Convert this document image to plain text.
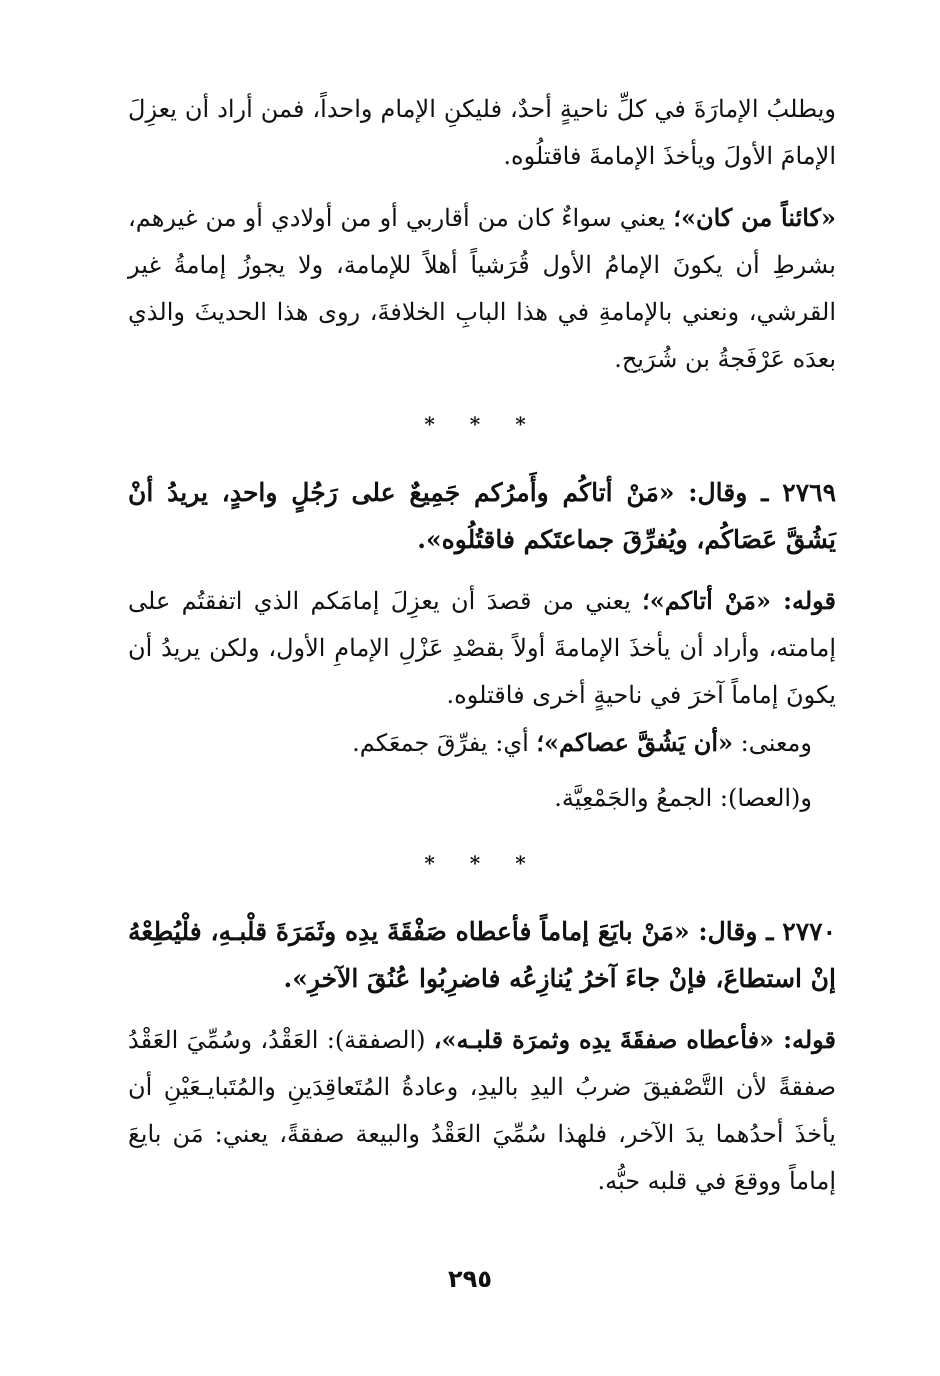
ويطلبُ الإمارَةَ في كلِّ ناحيةٍ أحدٌ، فليكنِ الإمام واحداً، فمن أراد أن يعزِلَ الإمامَ الأولَ ويأخذَ الإمامةَ فاقتلُوه.

«كائناً من كان»؛ يعني سواءٌ كان من أقاربي أو من أولادي أو من غيرهم، بشرطِ أن يكونَ الإمامُ الأول قُرَشياً أهلاً للإمامة، ولا يجوزُ إمامةُ غير القرشي، ونعني بالإمامةِ في هذا البابِ الخلافةَ، روى هذا الحديثَ والذي بعدَه عَرْفَجةُ بن شُرَيح.

* * *

٢٧٦٩ ـ وقال: «مَنْ أتاكُم وأَمرُكم جَمِيعٌ على رَجُلٍ واحدٍ، يريدُ أنْ يَشُقَّ عَصَاكُم، ويُفرِّقَ جماعتَكم فاقتُلُوه».

قوله: «مَنْ أتاكم»؛ يعني من قصدَ أن يعزِلَ إمامَكم الذي اتفقتُم على إمامته، وأراد أن يأخذَ الإمامةَ أولاً بقصْدِ عَزْلِ الإمامِ الأول، ولكن يريدُ أن يكونَ إماماً آخرَ في ناحيةٍ أخرى فاقتلوه.

ومعنى: «أن يَشُقَّ عصاكم»؛ أي: يفرِّقَ جمعَكم.

و(العصا): الجمعُ والجَمْعِيَّة.

* * *

٢٧٧٠ ـ وقال: «مَنْ بايَعَ إماماً فأعطاه صَفْقَةَ يدِه وثَمَرَةَ قلْبـهِ، فلْيُطِعْهُ إنْ استطاعَ، فإنْ جاءَ آخرُ يُنازِعُه فاضرِبُوا عُنُقَ الآخرِ».

قوله: «فأعطاه صفقَةَ يدِه وثمرَة قلبـه»، (الصفقة): العَقْدُ، وسُمِّيَ العَقْدُ صفقةً لأن التَّصْفيقَ ضربُ اليدِ باليدِ، وعادةُ المُتَعاقِدَينِ والمُتَبايـعَيْنِ أن يأخذَ أحدُهما يدَ الآخر، فلهذا سُمِّيَ العَقْدُ والبيعة صفقةً، يعني: مَن بايعَ إماماً ووقعَ في قلبه حبُّه.

٢٩٥
